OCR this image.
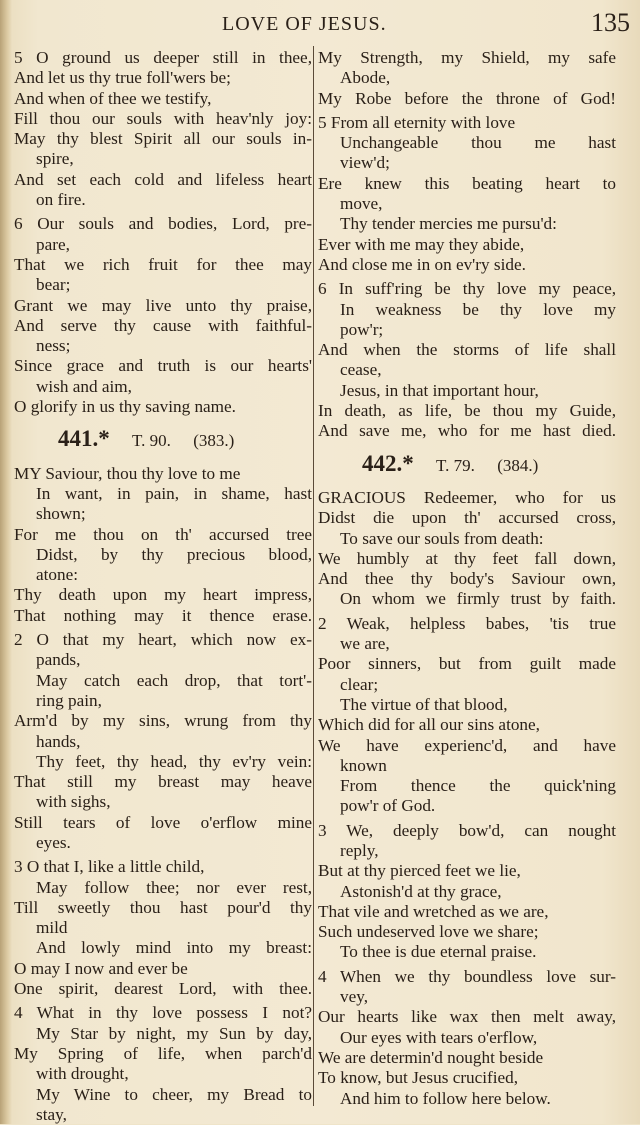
LOVE OF JESUS.	135
5 O ground us deeper still in thee,
And let us thy true foll'wers be;
And when of thee we testify,
Fill thou our souls with heav'nly joy:
May thy blest Spirit all our souls in-
spire,
And set each cold and lifeless heart
on fire.
6 Our souls and bodies, Lord, pre-
pare,
That we rich fruit for thee may
bear;
Grant we may live unto thy praise,
And serve thy cause with faithful-
ness;
Since grace and truth is our hearts'
wish and aim,
O glorify in us thy saving name.
441.* T. 90. (383.)
MY Saviour, thou thy love to me
In want, in pain, in shame, hast
shown;
For me thou on th' accursed tree
Didst, by thy precious blood,
atone:
Thy death upon my heart impress,
That nothing may it thence erase.
2 O that my heart, which now ex-
pands,
May catch each drop, that tort'-
ring pain,
Arm'd by my sins, wrung from thy
hands,
Thy feet, thy head, thy ev'ry vein:
That still my breast may heave
with sighs,
Still tears of love o'erflow mine
eyes.
3 O that I, like a little child,
May follow thee; nor ever rest,
Till sweetly thou hast pour'd thy
mild
And lowly mind into my breast:
O may I now and ever be
One spirit, dearest Lord, with thee.
4 What in thy love possess I not?
My Star by night, my Sun by day,
My Spring of life, when parch'd
with drought,
My Wine to cheer, my Bread to
stay,
My Strength, my Shield, my safe
Abode,
My Robe before the throne of God!
5 From all eternity with love
Unchangeable thou me hast
view'd;
Ere knew this beating heart to
move,
Thy tender mercies me pursu'd:
Ever with me may they abide,
And close me in on ev'ry side.
6 In suff'ring be thy love my peace,
In weakness be thy love my
pow'r;
And when the storms of life shall
cease,
Jesus, in that important hour,
In death, as life, be thou my Guide,
And save me, who for me hast died.
442.* T. 79. (384.)
GRACIOUS Redeemer, who for us
Didst die upon th' accursed cross,
To save our souls from death:
We humbly at thy feet fall down,
And thee thy body's Saviour own,
On whom we firmly trust by faith.
2 Weak, helpless babes, 'tis true
we are,
Poor sinners, but from guilt made
clear;
The virtue of that blood,
Which did for all our sins atone,
We have experienc'd, and have
known
From thence the quick'ning
pow'r of God.
3 We, deeply bow'd, can nought
reply,
But at thy pierced feet we lie,
Astonish'd at thy grace,
That vile and wretched as we are,
Such undeserved love we share;
To thee is due eternal praise.
4 When we thy boundless love sur-
vey,
Our hearts like wax then melt away,
Our eyes with tears o'erflow,
We are determin'd nought beside
To know, but Jesus crucified,
And him to follow here below.
